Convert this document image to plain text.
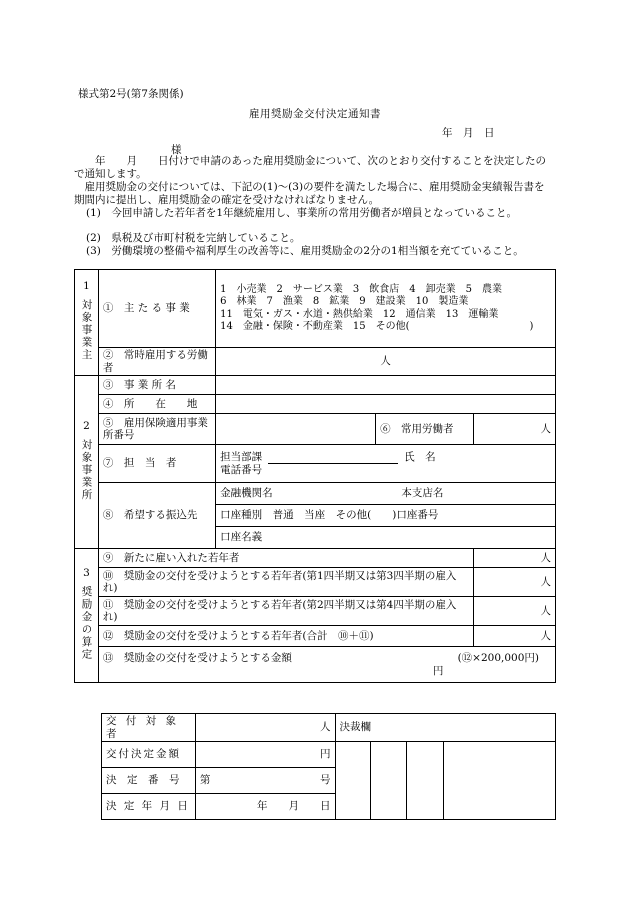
様式第2号(第7条関係)
雇用奨励金交付決定通知書
年　月　日
様
　　年　　月　　日付けで申請のあった雇用奨励金について、次のとおり交付することを決定したので通知します。
　雇用奨励金の交付については、下記の(1)～(3)の要件を満たした場合に、雇用奨励金実績報告書を期間内に提出し、雇用奨励金の確定を受けなければなりません。
(1)　今回申請した若年者を1年継続雇用し、事業所の常用労働者が増員となっていること。
(2)　県税及び市町村税を完納していること。
(3)　労働環境の整備や福利厚生の改善等に、雇用奨励金の2分の1相当額を充てていること。
1
対象事業主	①　主 た る 事 業	1　小売業　2　サービス業　3　飲食店　4　卸売業　5　農業
6　林業　7　漁業　8　鉱業　9　建設業　10　製造業
11　電気・ガス・水道・熱供給業　12　通信業　13　運輸業
14　金融・保険・不動産業　15　その他(　　　　　　　　　　　　)		

	②　常時雇用する労働者	人		

2
対象事業所	③　事 業 所 名			
	④　所　　在　　地			
	⑤　雇用保険適用事業所番号		⑥　常用労働者	人
	⑦　担　当　者	担当部課 氏　名
電話番号		

	⑧　希望する振込先	金融機関名 本支店名		
		口座種別　普通　当座　その他(　　)口座番号		
		口座名義		

3
奨励金の算定	⑨　新たに雇い入れた若年者			人
	⑩　奨励金の交付を受けようとする若年者(第1四半期又は第3四半期の雇入れ)			人
	⑪　奨励金の交付を受けようとする若年者(第2四半期又は第4四半期の雇入れ)			人
	⑫　奨励金の交付を受けようとする若年者(合計　⑩＋⑪)			人

	⑬　奨励金の交付を受けようとする金額 (⑫×200,000円)
円			
交 付 対 象 者	人	決裁欄			
交付決定金額	円				
決　定　番　号	第 号				

決 定 年 月 日	年　　月　　日				
